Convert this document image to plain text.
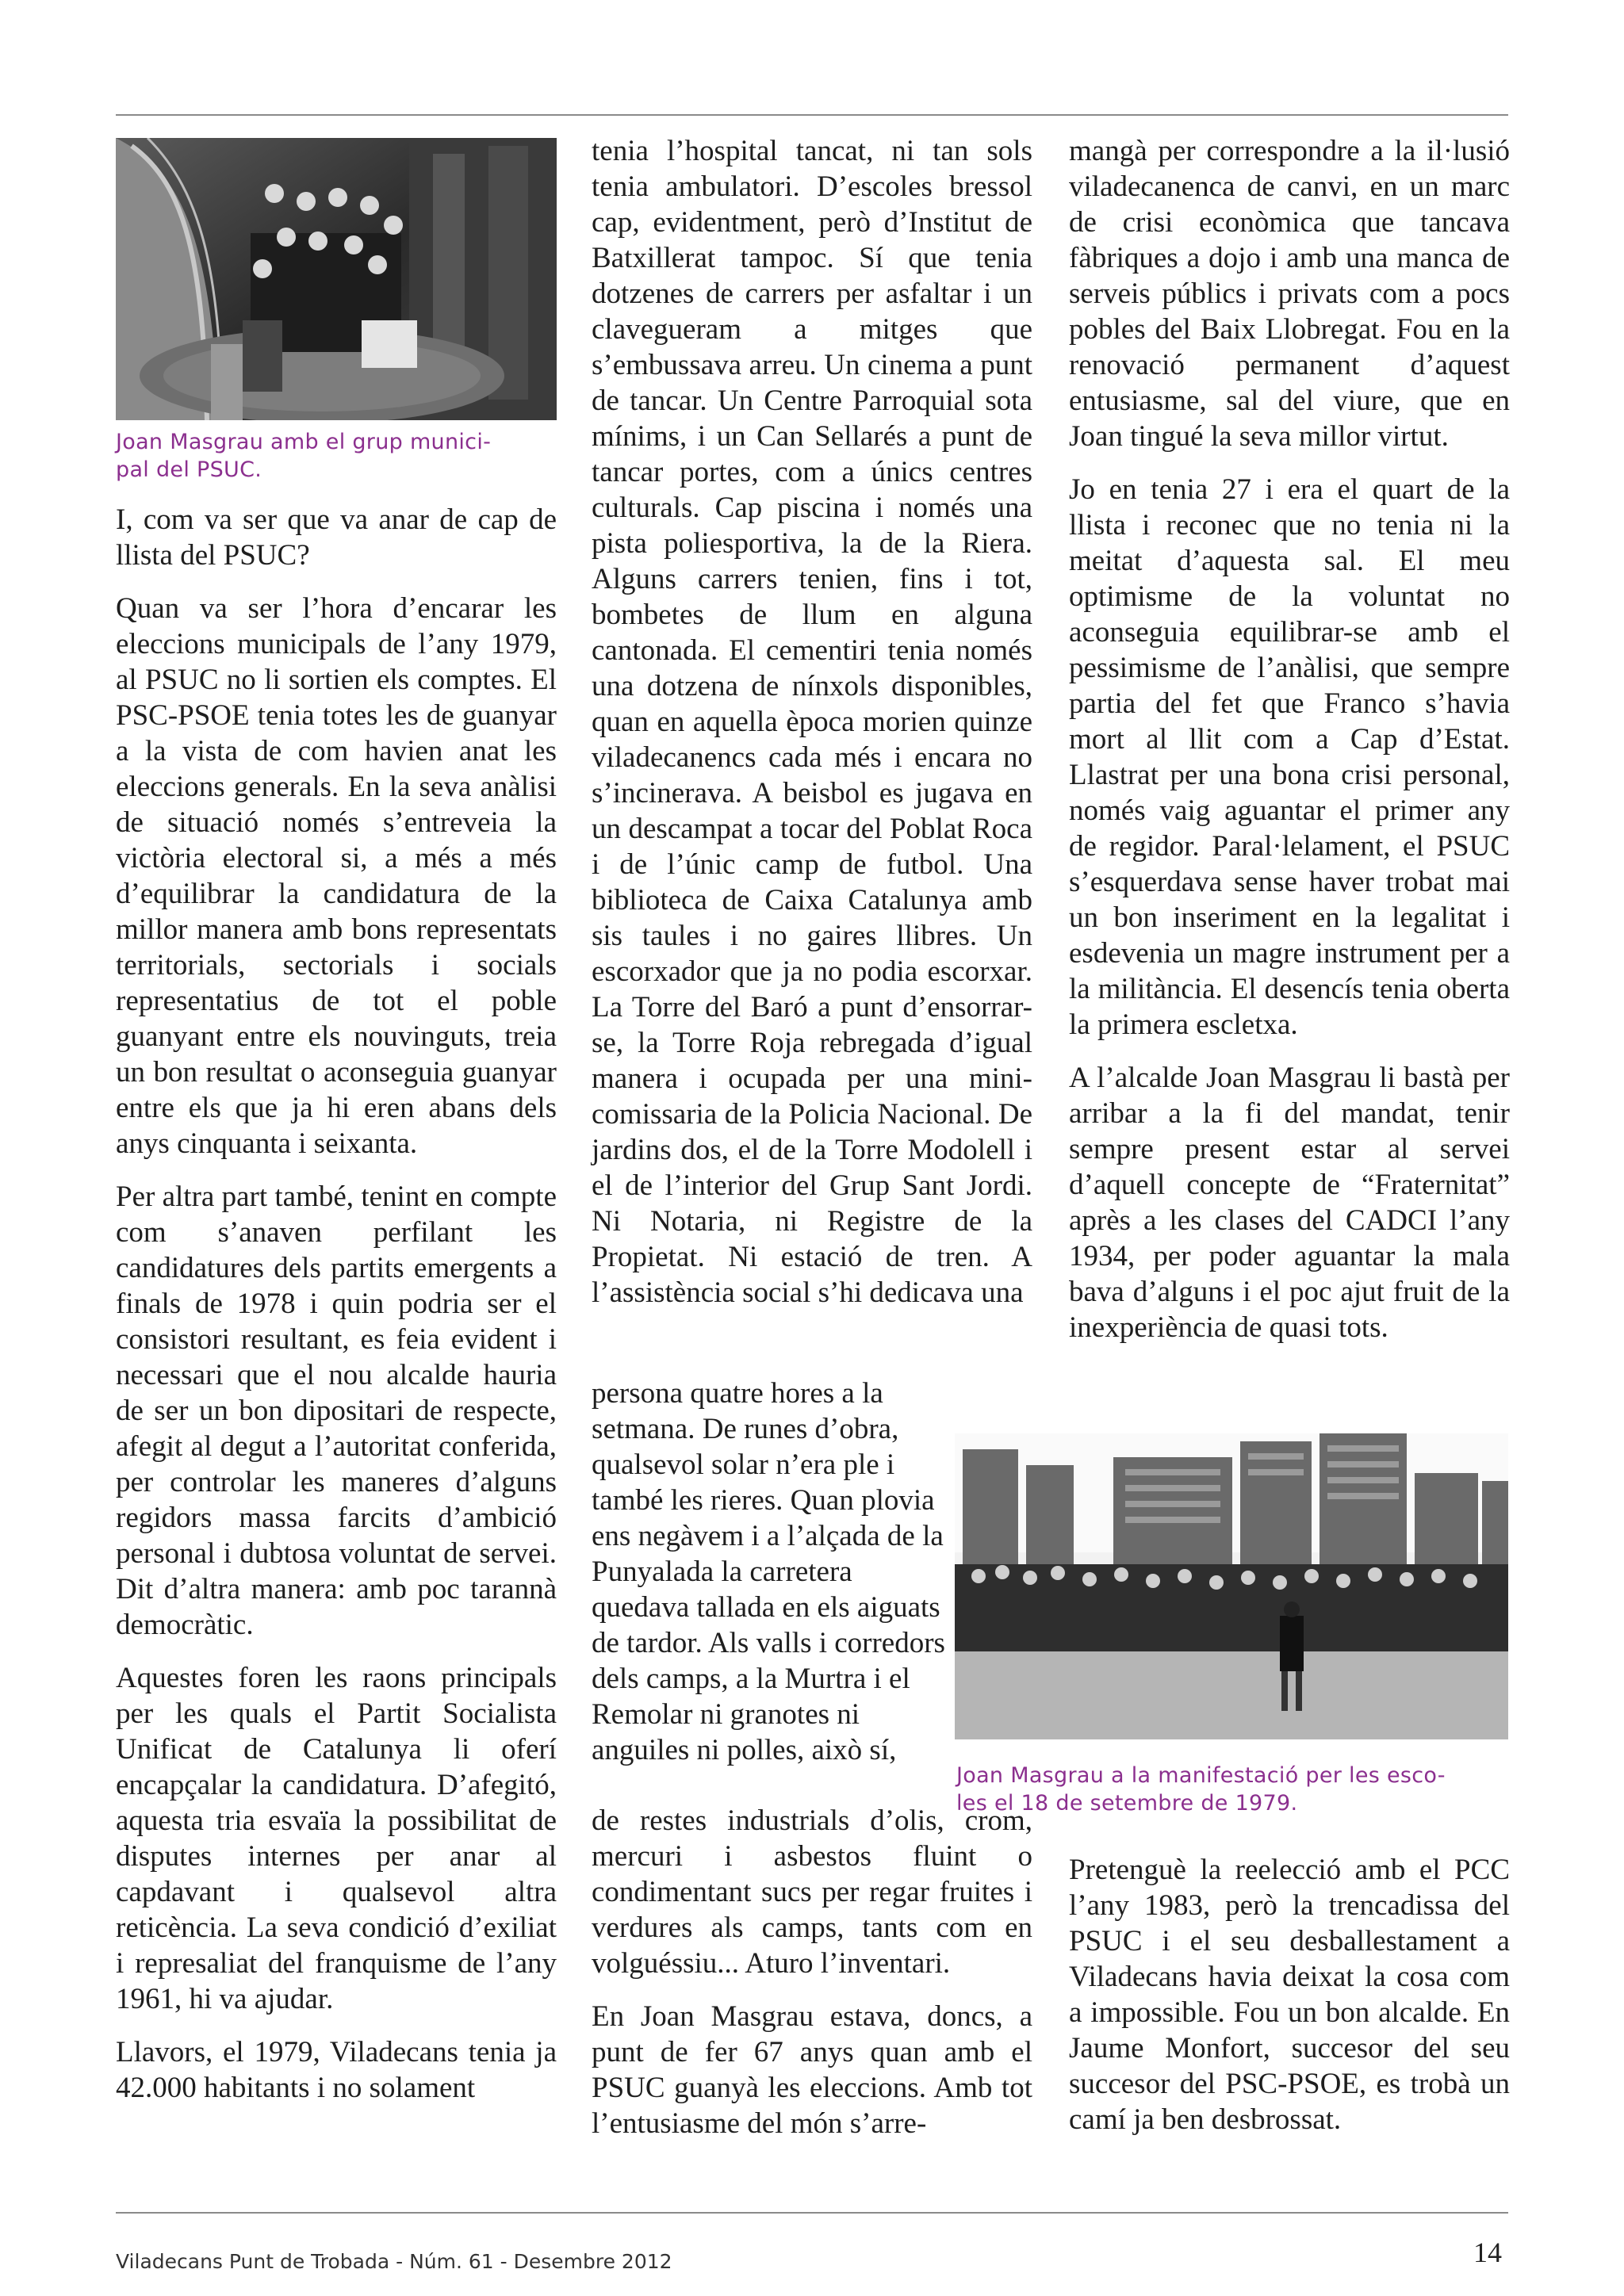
Joan Masgrau amb el grup munici-
pal del PSUC.

I, com va ser que va anar de cap de llista del PSUC?

Quan va ser l’hora d’encarar les eleccions municipals de l’any 1979, al PSUC no li sortien els comptes. El PSC-PSOE tenia totes les de guanyar a la vista de com havien anat les eleccions generals. En la seva anàlisi de situació només s’entreveia la victòria electoral si, a més a més d’equilibrar la candidatura de la millor manera amb bons representats territorials, sectorials i socials representatius de tot el poble guanyant entre els nouvinguts, treia un bon resultat o aconseguia guanyar entre els que ja hi eren abans dels anys cinquanta i seixanta.

Per altra part també, tenint en compte com s’anaven perfilant les candidatures dels partits emergents a finals de 1978 i quin podria ser el consistori resultant, es feia evident i necessari que el nou alcalde hauria de ser un bon dipositari de respecte, afegit al degut a l’autoritat conferida, per controlar les maneres d’alguns regidors massa farcits d’ambició personal i dubtosa voluntat de servei. Dit d’altra manera: amb poc tarannà democràtic.

Aquestes foren les raons principals per les quals el Partit Socialista Unificat de Catalunya li oferí encapçalar la candidatura. D’afegitó, aquesta tria esvaïa la possibilitat de disputes internes per anar al capdavant i qualsevol altra reticència. La seva condició d’exiliat i represaliat del franquisme de l’any 1961, hi va ajudar.

Llavors, el 1979, Viladecans tenia ja 42.000 habitants i no solament

tenia l’hospital tancat, ni tan sols tenia ambulatori. D’escoles bressol cap, evidentment, però d’Institut de Batxillerat tampoc. Sí que tenia dotzenes de carrers per asfaltar i un clavegueram a mitges que s’embussava arreu. Un cinema a punt de tancar. Un Centre Parroquial sota mínims, i un Can Sellarés a punt de tancar portes, com a únics centres culturals. Cap piscina i només una pista poliesportiva, la de la Riera. Alguns carrers tenien, fins i tot, bombetes de llum en alguna cantonada. El cementiri tenia només una dotzena de nínxols disponibles, quan en aquella època morien quinze viladecanencs cada més i encara no s’incinerava. A beisbol es jugava en un descampat a tocar del Poblat Roca i de l’únic camp de futbol. Una biblioteca de Caixa Catalunya amb sis taules i no gaires llibres. Un escorxador que ja no podia escorxar. La Torre del Baró a punt d’ensorrar-se, la Torre Roja rebregada d’igual manera i ocupada per una mini-comissaria de la Policia Nacional. De jardins dos, el de la Torre Modolell i el de l’interior del Grup Sant Jordi. Ni Notaria, ni Registre de la Propietat. Ni estació de tren. A l’assistència social s’hi dedicava una

persona quatre hores a la setmana. De runes d’obra, qualsevol solar n’era ple i també les rieres. Quan plovia ens negàvem i a l’alçada de la Punyalada la carretera quedava tallada en els aiguats de tardor. Als valls i corredors dels camps, a la Murtra i el Remolar ni granotes ni anguiles ni polles, això sí,

de restes industrials d’olis, crom, mercuri i asbestos fluint o condimentant sucs per regar fruites i verdures als camps, tants com en volguéssiu... Aturo l’inventari.

En Joan Masgrau estava, doncs, a punt de fer 67 anys quan amb el PSUC guanyà les eleccions. Amb tot l’entusiasme del món s’arre-

mangà per correspondre a la il·lusió viladecanenca de canvi, en un marc de crisi econòmica que tancava fàbriques a dojo i amb una manca de serveis públics i privats com a pocs pobles del Baix Llobregat. Fou en la renovació permanent d’aquest entusiasme, sal del viure, que en Joan tingué la seva millor virtut.

Jo en tenia 27 i era el quart de la llista i reconec que no tenia ni la meitat d’aquesta sal. El meu optimisme de la voluntat no aconseguia equilibrar-se amb el pessimisme de l’anàlisi, que sempre partia del fet que Franco s’havia mort al llit com a Cap d’Estat. Llastrat per una bona crisi personal, només vaig aguantar el primer any de regidor. Paral·lelament, el PSUC s’esquerdava sense haver trobat mai un bon inseriment en la legalitat i esdevenia un magre instrument per a la militància. El desencís tenia oberta la primera escletxa.

A l’alcalde Joan Masgrau li bastà per arribar a la fi del mandat, tenir sempre present estar al servei d’aquell concepte de “Fraternitat” après a les clases del CADCI l’any 1934, per poder aguantar la mala bava d’alguns i el poc ajut fruit de la inexperiència de quasi tots.

Joan Masgrau a la manifestació per les esco-
les el 18 de setembre de 1979.

Pretenguè la reelecció amb el PCC l’any 1983, però la trencadissa del PSUC i el seu desballestament a Viladecans havia deixat la cosa com a impossible. Fou un bon alcalde. En Jaume Monfort, succesor del seu succesor del PSC-PSOE, es trobà un camí ja ben desbrossat.

Viladecans Punt de Trobada - Núm. 61 - Desembre 2012	14
